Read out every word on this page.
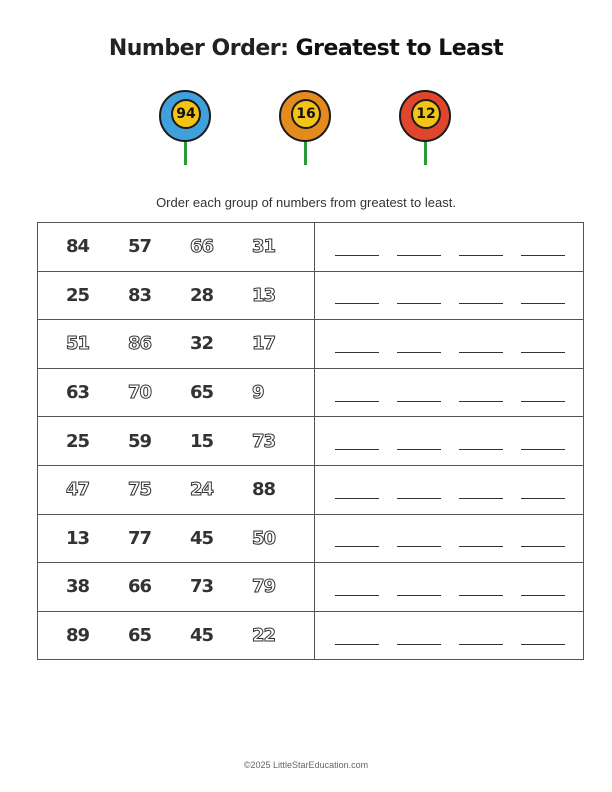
Number Order: Greatest to Least
94	16	12
Order each group of numbers from greatest to least.
84 57 66 31	

25 83 28 13	

51 86 32 17	

63 70 65 9	

25 59 15 73	

47 75 24 88	

13 77 45 50	

38 66 73 79	

89 65 45 22	

©2025 LittleStarEducation.com
